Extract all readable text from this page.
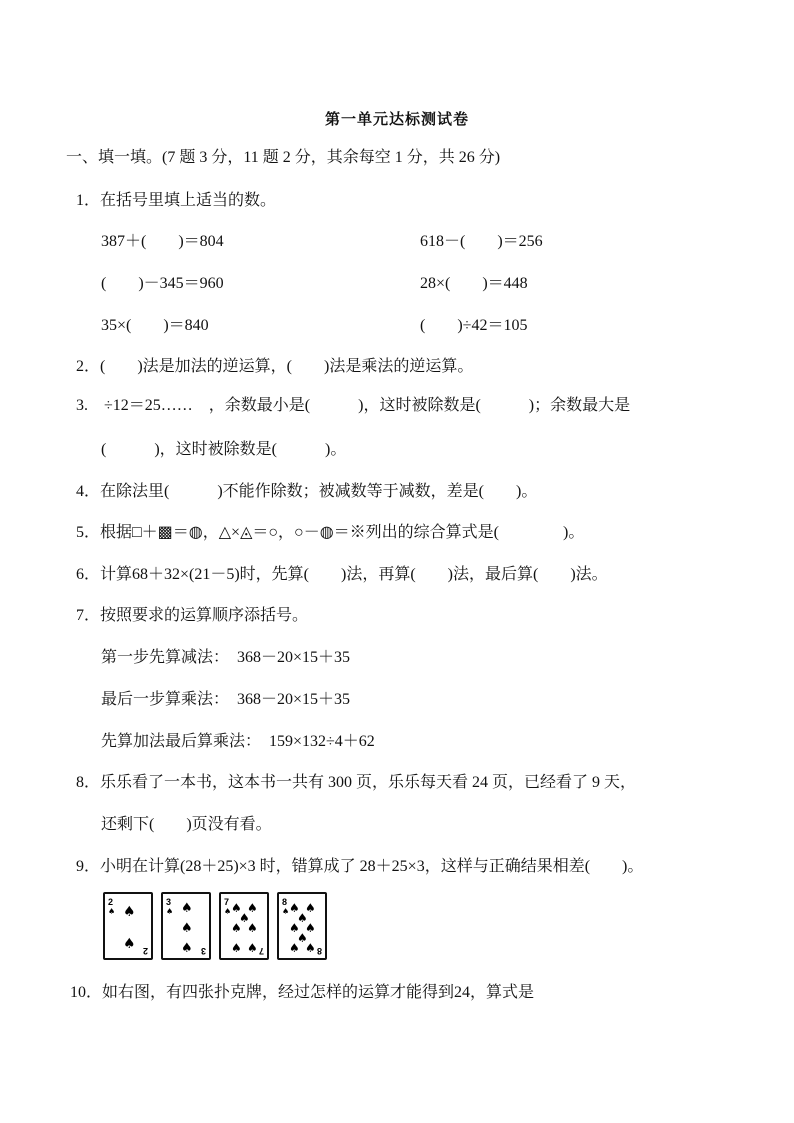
第一单元达标测试卷
一、填一填。(7 题 3 分，11 题 2 分，其余每空 1 分，共 26 分)
1．在括号里填上适当的数。
387＋(　　)＝804	618－(　　)＝256
(　　)－345＝960	28×(　　)＝448
35×(　　)＝840	(　　)÷42＝105
2．(　　)法是加法的逆运算，(　　)法是乘法的逆运算。
3.　÷12＝25……　，余数最小是(　　　)，这时被除数是(　　　)；余数最大是
(　　　)，这时被除数是(　　　)。
4．在除法里(　　　)不能作除数；被减数等于减数，差是(　　)。
5．根据□＋▩＝◍，△×◬＝○，○－◍＝※列出的综合算式是(　　　　)。
6．计算68＋32×(21－5)时，先算(　　)法，再算(　　)法，最后算(　　)法。
7．按照要求的运算顺序添括号。
第一步先算减法：　368－20×15＋35
最后一步算乘法：　368－20×15＋35
先算加法最后算乘法：　159×132÷4＋62
8．乐乐看了一本书，这本书一共有 300 页，乐乐每天看 24 页，已经看了 9 天，
还剩下(　　)页没有看。
9．小明在计算(28＋25)×3 时，错算成了 28＋25×3，这样与正确结果相差(　　)。
2
♠ ♠
♠ 2
3
♠ ♠
♠
♠ 3
7
♠ ♠ ♠
♠
♠ ♠
♠ ♠ 7
8
♠ ♠ ♠
♠
♠ ♠
♠
♠ ♠ 8
10．如右图，有四张扑克牌，经过怎样的运算才能得到24，算式是
